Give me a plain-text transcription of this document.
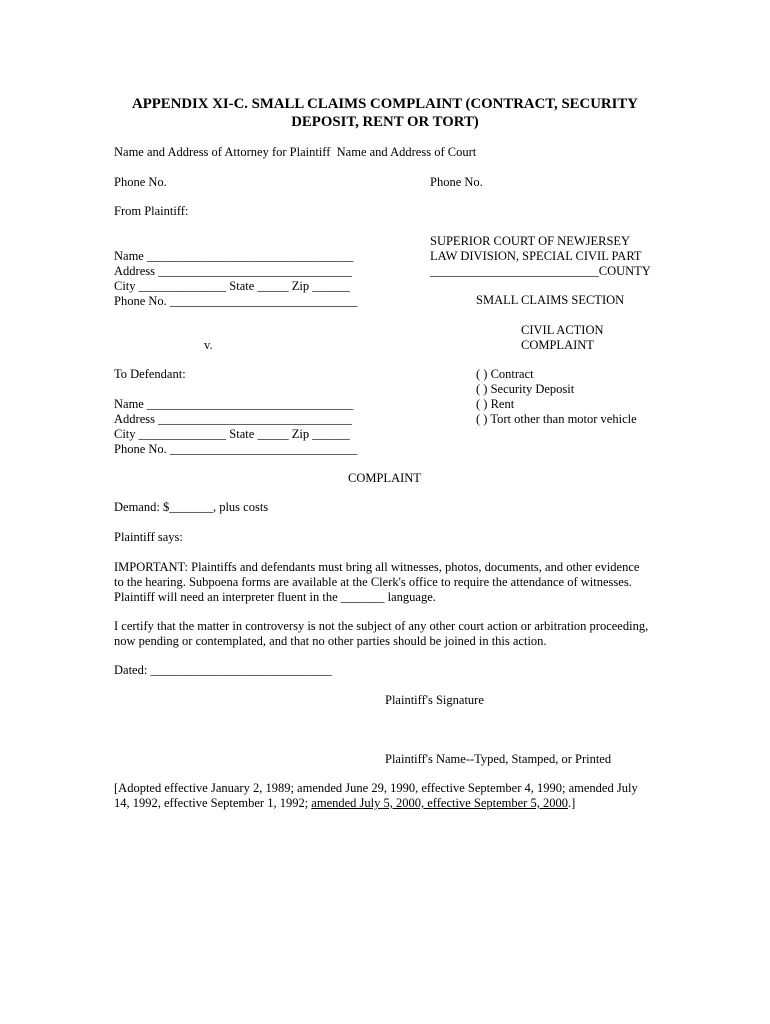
APPENDIX XI-C. SMALL CLAIMS COMPLAINT (CONTRACT, SECURITY
DEPOSIT, RENT OR TORT)
Name and Address of Attorney for Plaintiff  Name and Address of Court
Phone No.	Phone No.
From Plaintiff:
SUPERIOR COURT OF NEWJERSEY
LAW DIVISION, SPECIAL CIVIL PART
___________________________COUNTY
SMALL CLAIMS SECTION
CIVIL ACTION
COMPLAINT
Name _________________________________
Address _______________________________
City ______________ State _____ Zip ______
Phone No. ______________________________
v.
To Defendant:
Name _________________________________
Address _______________________________
City ______________ State _____ Zip ______
Phone No. ______________________________
( ) Contract
( ) Security Deposit
( ) Rent
( ) Tort other than motor vehicle
COMPLAINT
Demand: $_______, plus costs
Plaintiff says:
IMPORTANT: Plaintiffs and defendants must bring all witnesses, photos, documents, and other evidence
to the hearing. Subpoena forms are available at the Clerk's office to require the attendance of witnesses.
Plaintiff will need an interpreter fluent in the _______ language.
I certify that the matter in controversy is not the subject of any other court action or arbitration proceeding,
now pending or contemplated, and that no other parties should be joined in this action.
Dated: _____________________________
Plaintiff's Signature
Plaintiff's Name--Typed, Stamped, or Printed
[Adopted effective January 2, 1989; amended June 29, 1990, effective September 4, 1990; amended July
14, 1992, effective September 1, 1992; amended July 5, 2000, effective September 5, 2000.]
